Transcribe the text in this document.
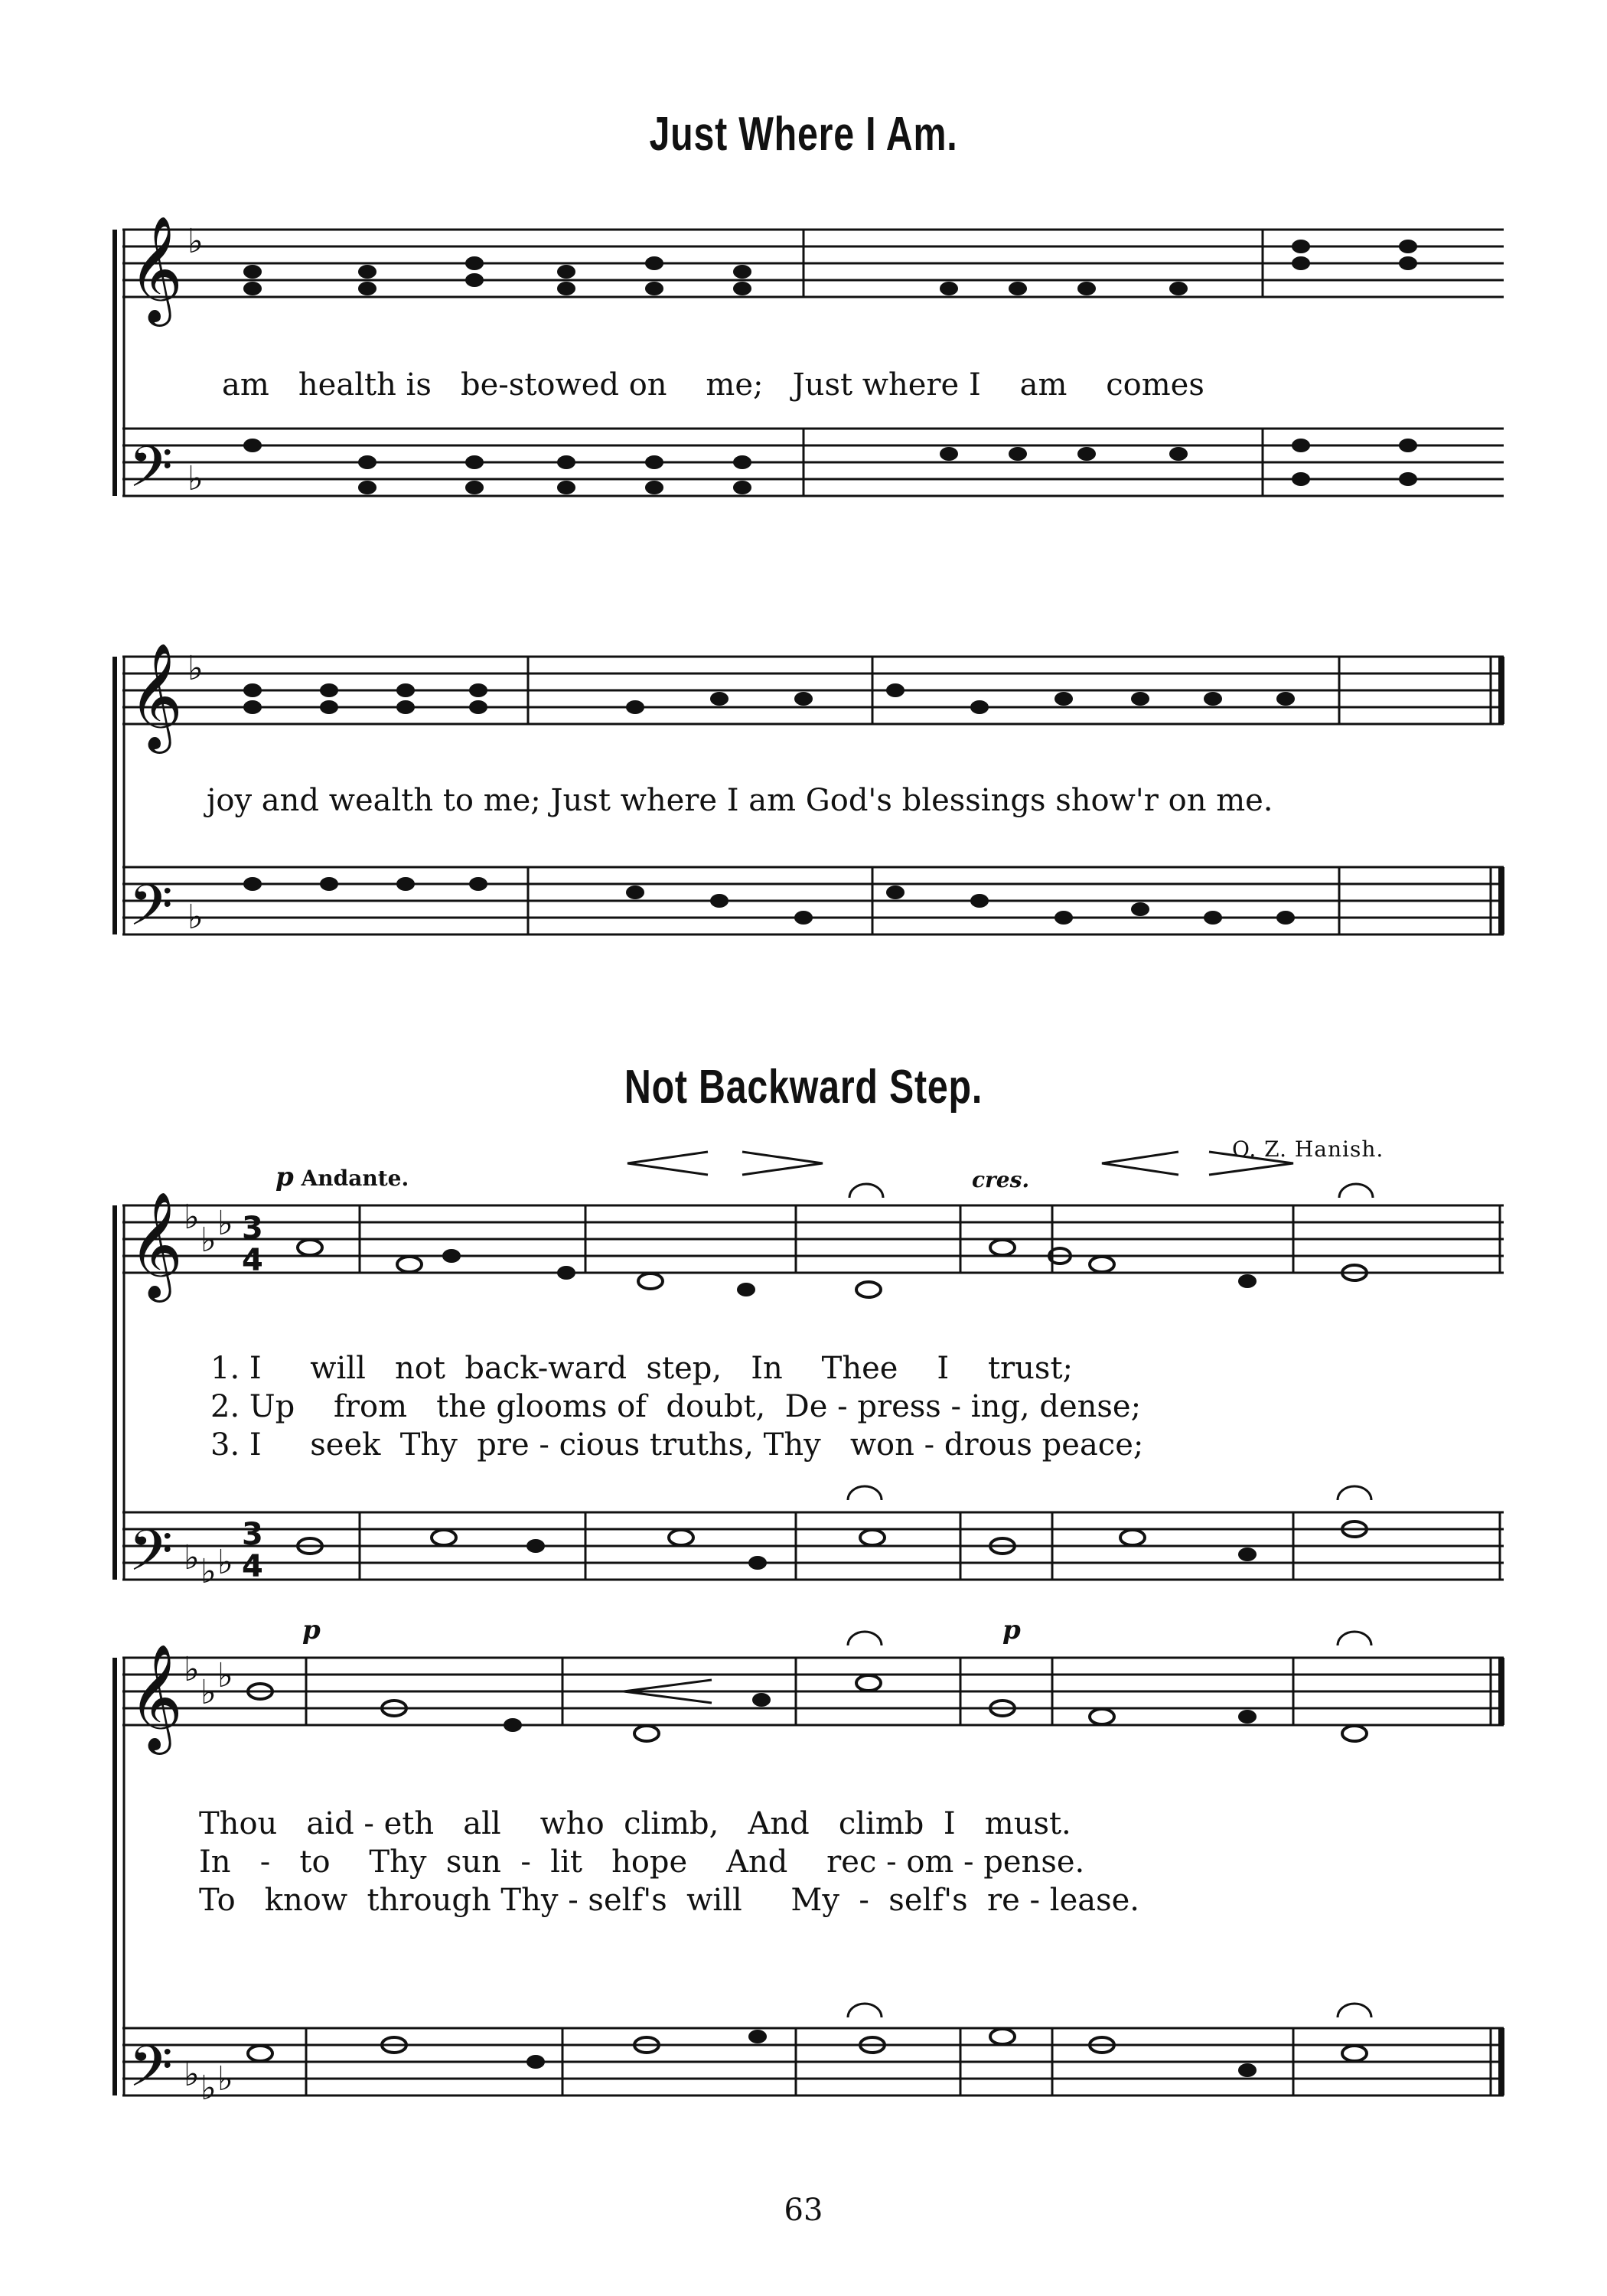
Just Where I Am.
𝄞
𝄢
𝄞
𝄢
𝄞
𝄢
𝄞
𝄢
♭
♭
♭
♭
♭
♭ ♭
♭ ♭ ♭
♭
♭ ♭
♭ ♭ ♭
3
4
3
4
am   health is   be-stowed on    me;   Just where I    am    comes
joy and wealth to me; Just where I am God's blessings show'r on me.
Not Backward Step.
O. Z. Hanish.
p Andante.	cres.
p	p
1. I     will   not  back-ward  step,   In    Thee    I    trust;
2. Up    from   the glooms of  doubt,  De - press - ing, dense;
3. I     seek  Thy  pre - cious truths, Thy   won - drous peace;
Thou   aid - eth   all    who  climb,   And   climb  I   must.
In   -   to    Thy  sun  -  lit   hope    And    rec - om - pense.
To   know  through Thy - self's  will     My  -  self's  re - lease.
63
